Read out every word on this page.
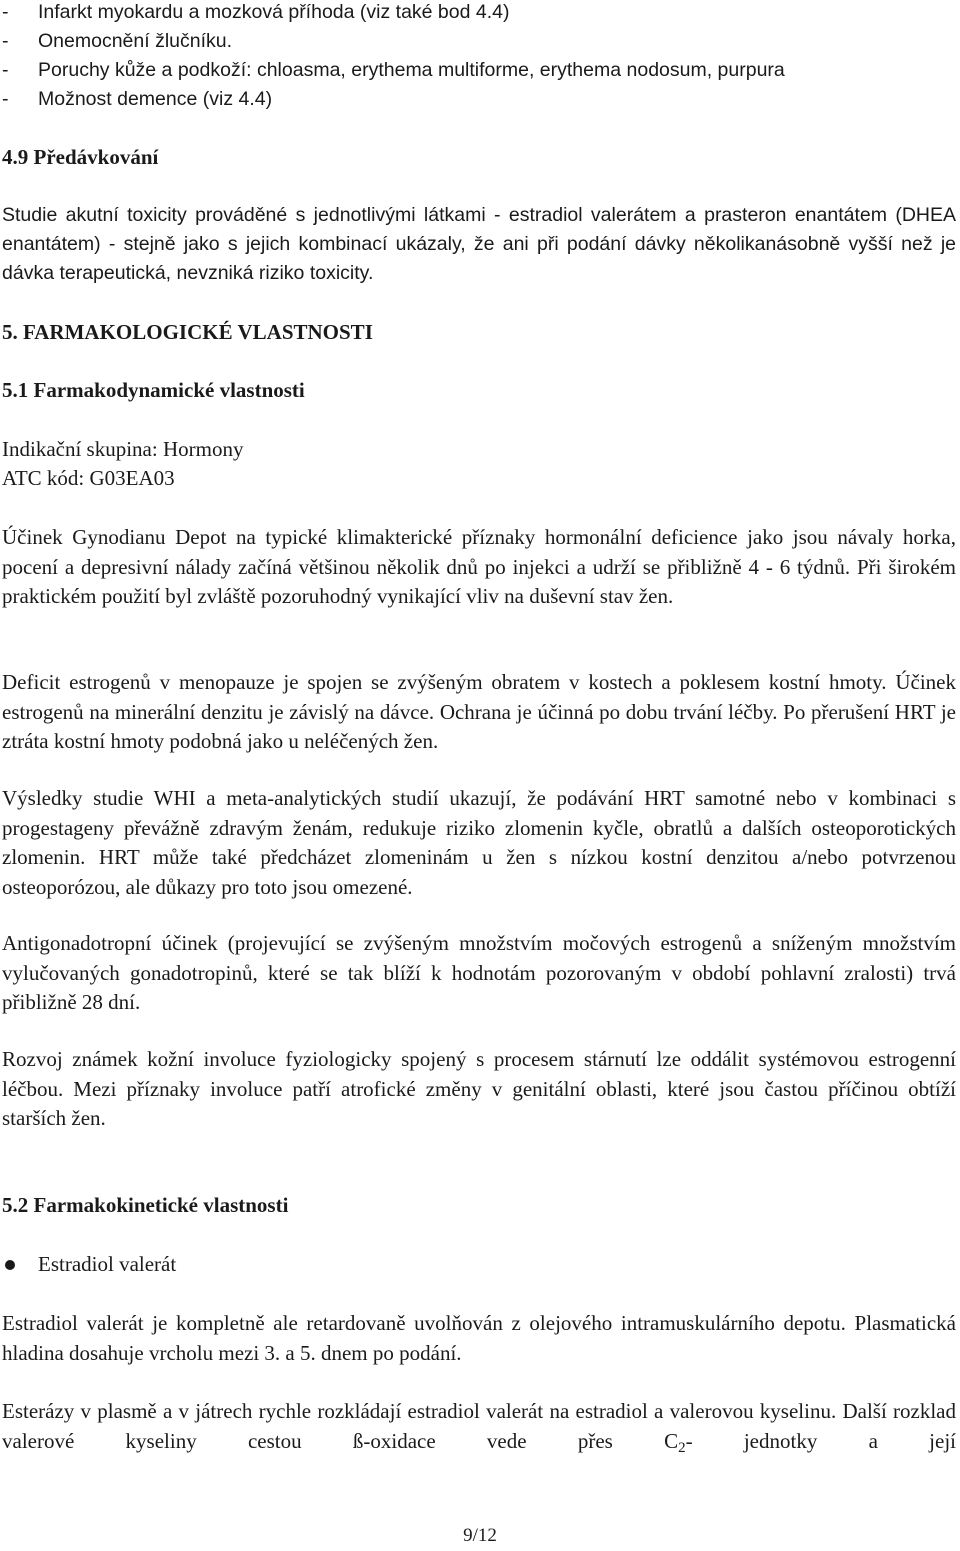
- Infarkt myokardu a mozková příhoda (viz také bod 4.4)
- Onemocnění žlučníku.
- Poruchy kůže a podkoží: chloasma, erythema multiforme, erythema nodosum, purpura
- Možnost demence (viz 4.4)
4.9 Předávkování

Studie akutní toxicity prováděné s jednotlivými látkami - estradiol valerátem a prasteron enantátem (DHEA enantátem) - stejně jako s jejich kombinací ukázaly, že ani při podání dávky několikanásobně vyšší než je dávka terapeutická, nevzniká riziko toxicity.

5. FARMAKOLOGICKÉ VLASTNOSTI
5.1 Farmakodynamické vlastnosti

Indikační skupina: Hormony

ATC kód: G03EA03

Účinek Gynodianu Depot na typické klimakterické příznaky hormonální deficience jako jsou návaly horka, pocení a depresivní nálady začíná většinou několik dnů po injekci a udrží se přibližně 4 - 6 týdnů. Při širokém praktickém použití byl zvláště pozoruhodný vynikající vliv na duševní stav žen.

Deficit estrogenů v menopauze je spojen se zvýšeným obratem v kostech a poklesem kostní hmoty. Účinek estrogenů na minerální denzitu je závislý na dávce. Ochrana je účinná po dobu trvání léčby. Po přerušení HRT je ztráta kostní hmoty podobná jako u neléčených žen.

Výsledky studie WHI a meta-analytických studií ukazují, že podávání HRT samotné nebo v kombinaci s progestageny převážně zdravým ženám, redukuje riziko zlomenin kyčle, obratlů a dalších osteoporotických zlomenin. HRT může také předcházet zlomeninám u žen s nízkou kostní denzitou a/nebo potvrzenou osteoporózou, ale důkazy pro toto jsou omezené.

Antigonadotropní účinek (projevující se zvýšeným množstvím močových estrogenů a sníženým množstvím vylučovaných gonadotropinů, které se tak blíží k hodnotám pozorovaným v období pohlavní zralosti) trvá přibližně 28 dní.

Rozvoj známek kožní involuce fyziologicky spojený s procesem stárnutí lze oddálit systémovou estrogenní léčbou. Mezi příznaky involuce patří atrofické změny v genitální oblasti, které jsou častou příčinou obtíží starších žen.

5.2 Farmakokinetické vlastnosti
Estradiol valerát

Estradiol valerát je kompletně ale retardovaně uvolňován z olejového intramuskulárního depotu. Plasmatická hladina dosahuje vrcholu mezi 3. a 5. dnem po podání.

Esterázy v plasmě a v játrech rychle rozkládají estradiol valerát na estradiol a valerovou kyselinu. Další rozklad valerové kyseliny cestou ß-oxidace vede přes $C_2-$ jednotky a její

9/12
